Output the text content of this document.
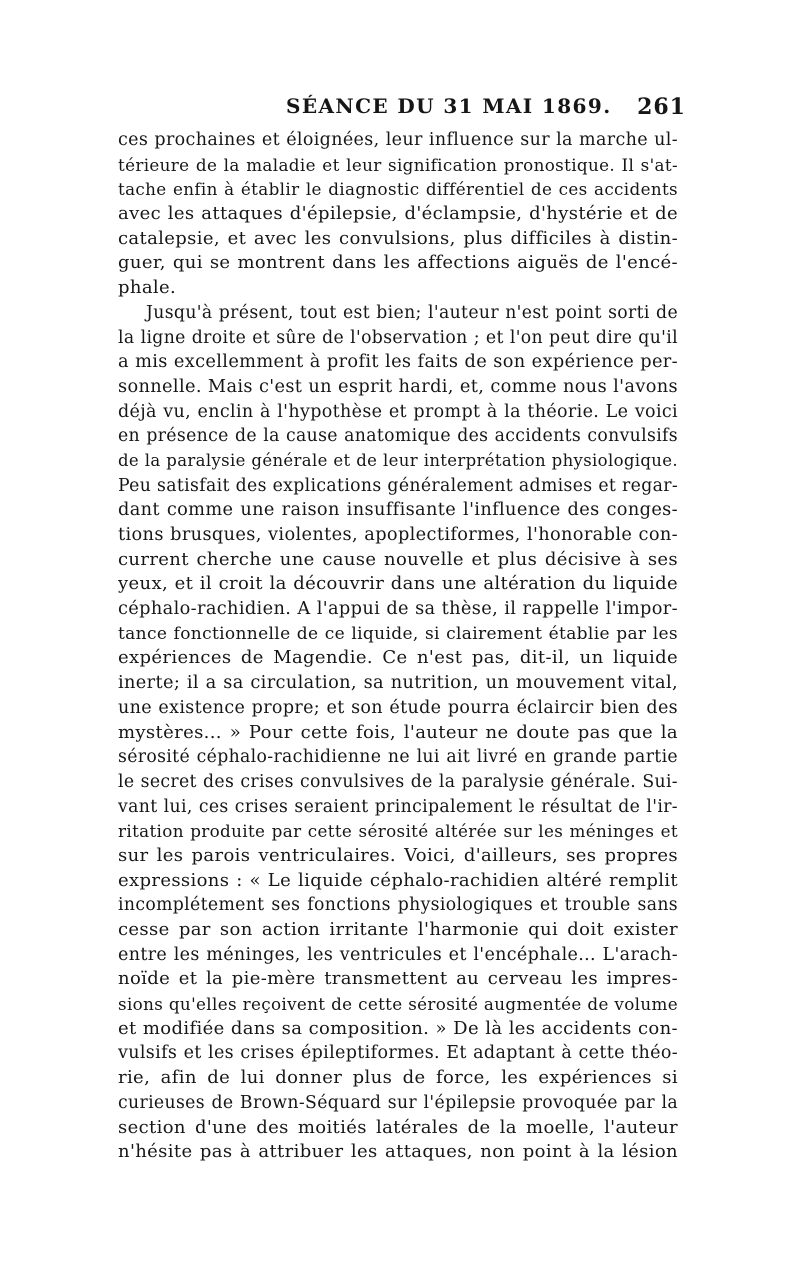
SÉANCE DU 31 MAI 1869. 261
ces prochaines et éloignées, leur influence sur la marche ul-
térieure de la maladie et leur signification pronostique. Il s'at-
tache enfin à établir le diagnostic différentiel de ces accidents
avec les attaques d'épilepsie, d'éclampsie, d'hystérie et de
catalepsie, et avec les convulsions, plus difficiles à distin-
guer, qui se montrent dans les affections aiguës de l'encé-
phale.
Jusqu'à présent, tout est bien; l'auteur n'est point sorti de
la ligne droite et sûre de l'observation ; et l'on peut dire qu'il
a mis excellemment à profit les faits de son expérience per-
sonnelle. Mais c'est un esprit hardi, et, comme nous l'avons
déjà vu, enclin à l'hypothèse et prompt à la théorie. Le voici
en présence de la cause anatomique des accidents convulsifs
de la paralysie générale et de leur interprétation physiologique.
Peu satisfait des explications généralement admises et regar-
dant comme une raison insuffisante l'influence des conges-
tions brusques, violentes, apoplectiformes, l'honorable con-
current cherche une cause nouvelle et plus décisive à ses
yeux, et il croit la découvrir dans une altération du liquide
céphalo-rachidien. A l'appui de sa thèse, il rappelle l'impor-
tance fonctionnelle de ce liquide, si clairement établie par les
expériences de Magendie. Ce n'est pas, dit-il, un liquide
inerte; il a sa circulation, sa nutrition, un mouvement vital,
une existence propre; et son étude pourra éclaircir bien des
mystères... » Pour cette fois, l'auteur ne doute pas que la
sérosité céphalo-rachidienne ne lui ait livré en grande partie
le secret des crises convulsives de la paralysie générale. Sui-
vant lui, ces crises seraient principalement le résultat de l'ir-
ritation produite par cette sérosité altérée sur les méninges et
sur les parois ventriculaires. Voici, d'ailleurs, ses propres
expressions : « Le liquide céphalo-rachidien altéré remplit
incomplétement ses fonctions physiologiques et trouble sans
cesse par son action irritante l'harmonie qui doit exister
entre les méninges, les ventricules et l'encéphale... L'arach-
noïde et la pie-mère transmettent au cerveau les impres-
sions qu'elles reçoivent de cette sérosité augmentée de volume
et modifiée dans sa composition. » De là les accidents con-
vulsifs et les crises épileptiformes. Et adaptant à cette théo-
rie, afin de lui donner plus de force, les expériences si
curieuses de Brown-Séquard sur l'épilepsie provoquée par la
section d'une des moitiés latérales de la moelle, l'auteur
n'hésite pas à attribuer les attaques, non point à la lésion
